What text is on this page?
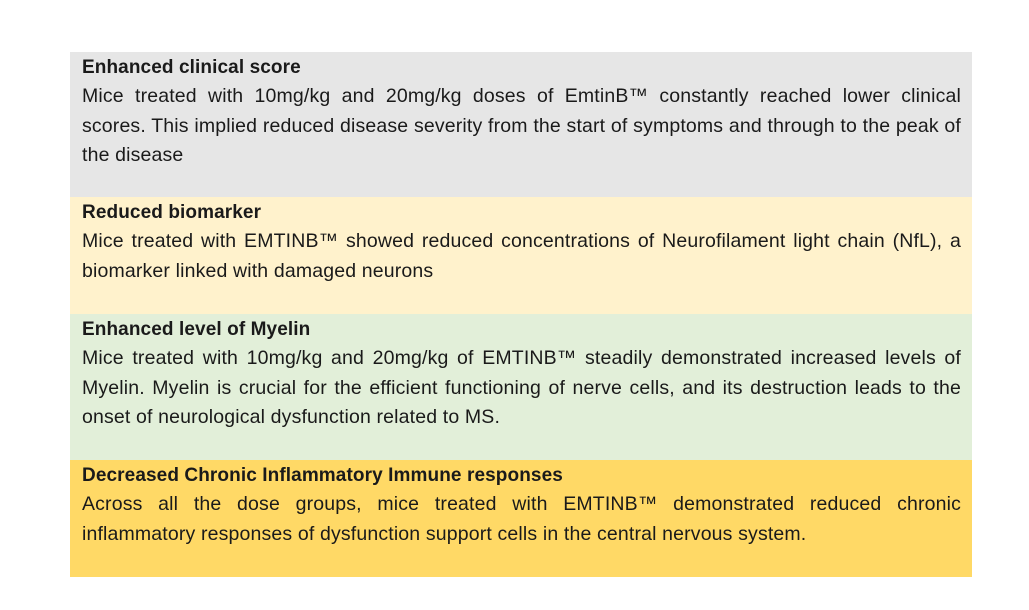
Enhanced clinical score

Mice treated with 10mg/kg and 20mg/kg doses of EmtinB™ constantly reached lower clinical scores. This implied reduced disease severity from the start of symptoms and through to the peak of the disease

Reduced biomarker

Mice treated with EMTINB™ showed reduced concentrations of Neurofilament light chain (NfL), a biomarker linked with damaged neurons

Enhanced level of Myelin

Mice treated with 10mg/kg and 20mg/kg of EMTINB™ steadily demonstrated increased levels of Myelin. Myelin is crucial for the efficient functioning of nerve cells, and its destruction leads to the onset of neurological dysfunction related to MS.

Decreased Chronic Inflammatory Immune responses

Across all the dose groups, mice treated with EMTINB™ demonstrated reduced chronic inflammatory responses of dysfunction support cells in the central nervous system.
